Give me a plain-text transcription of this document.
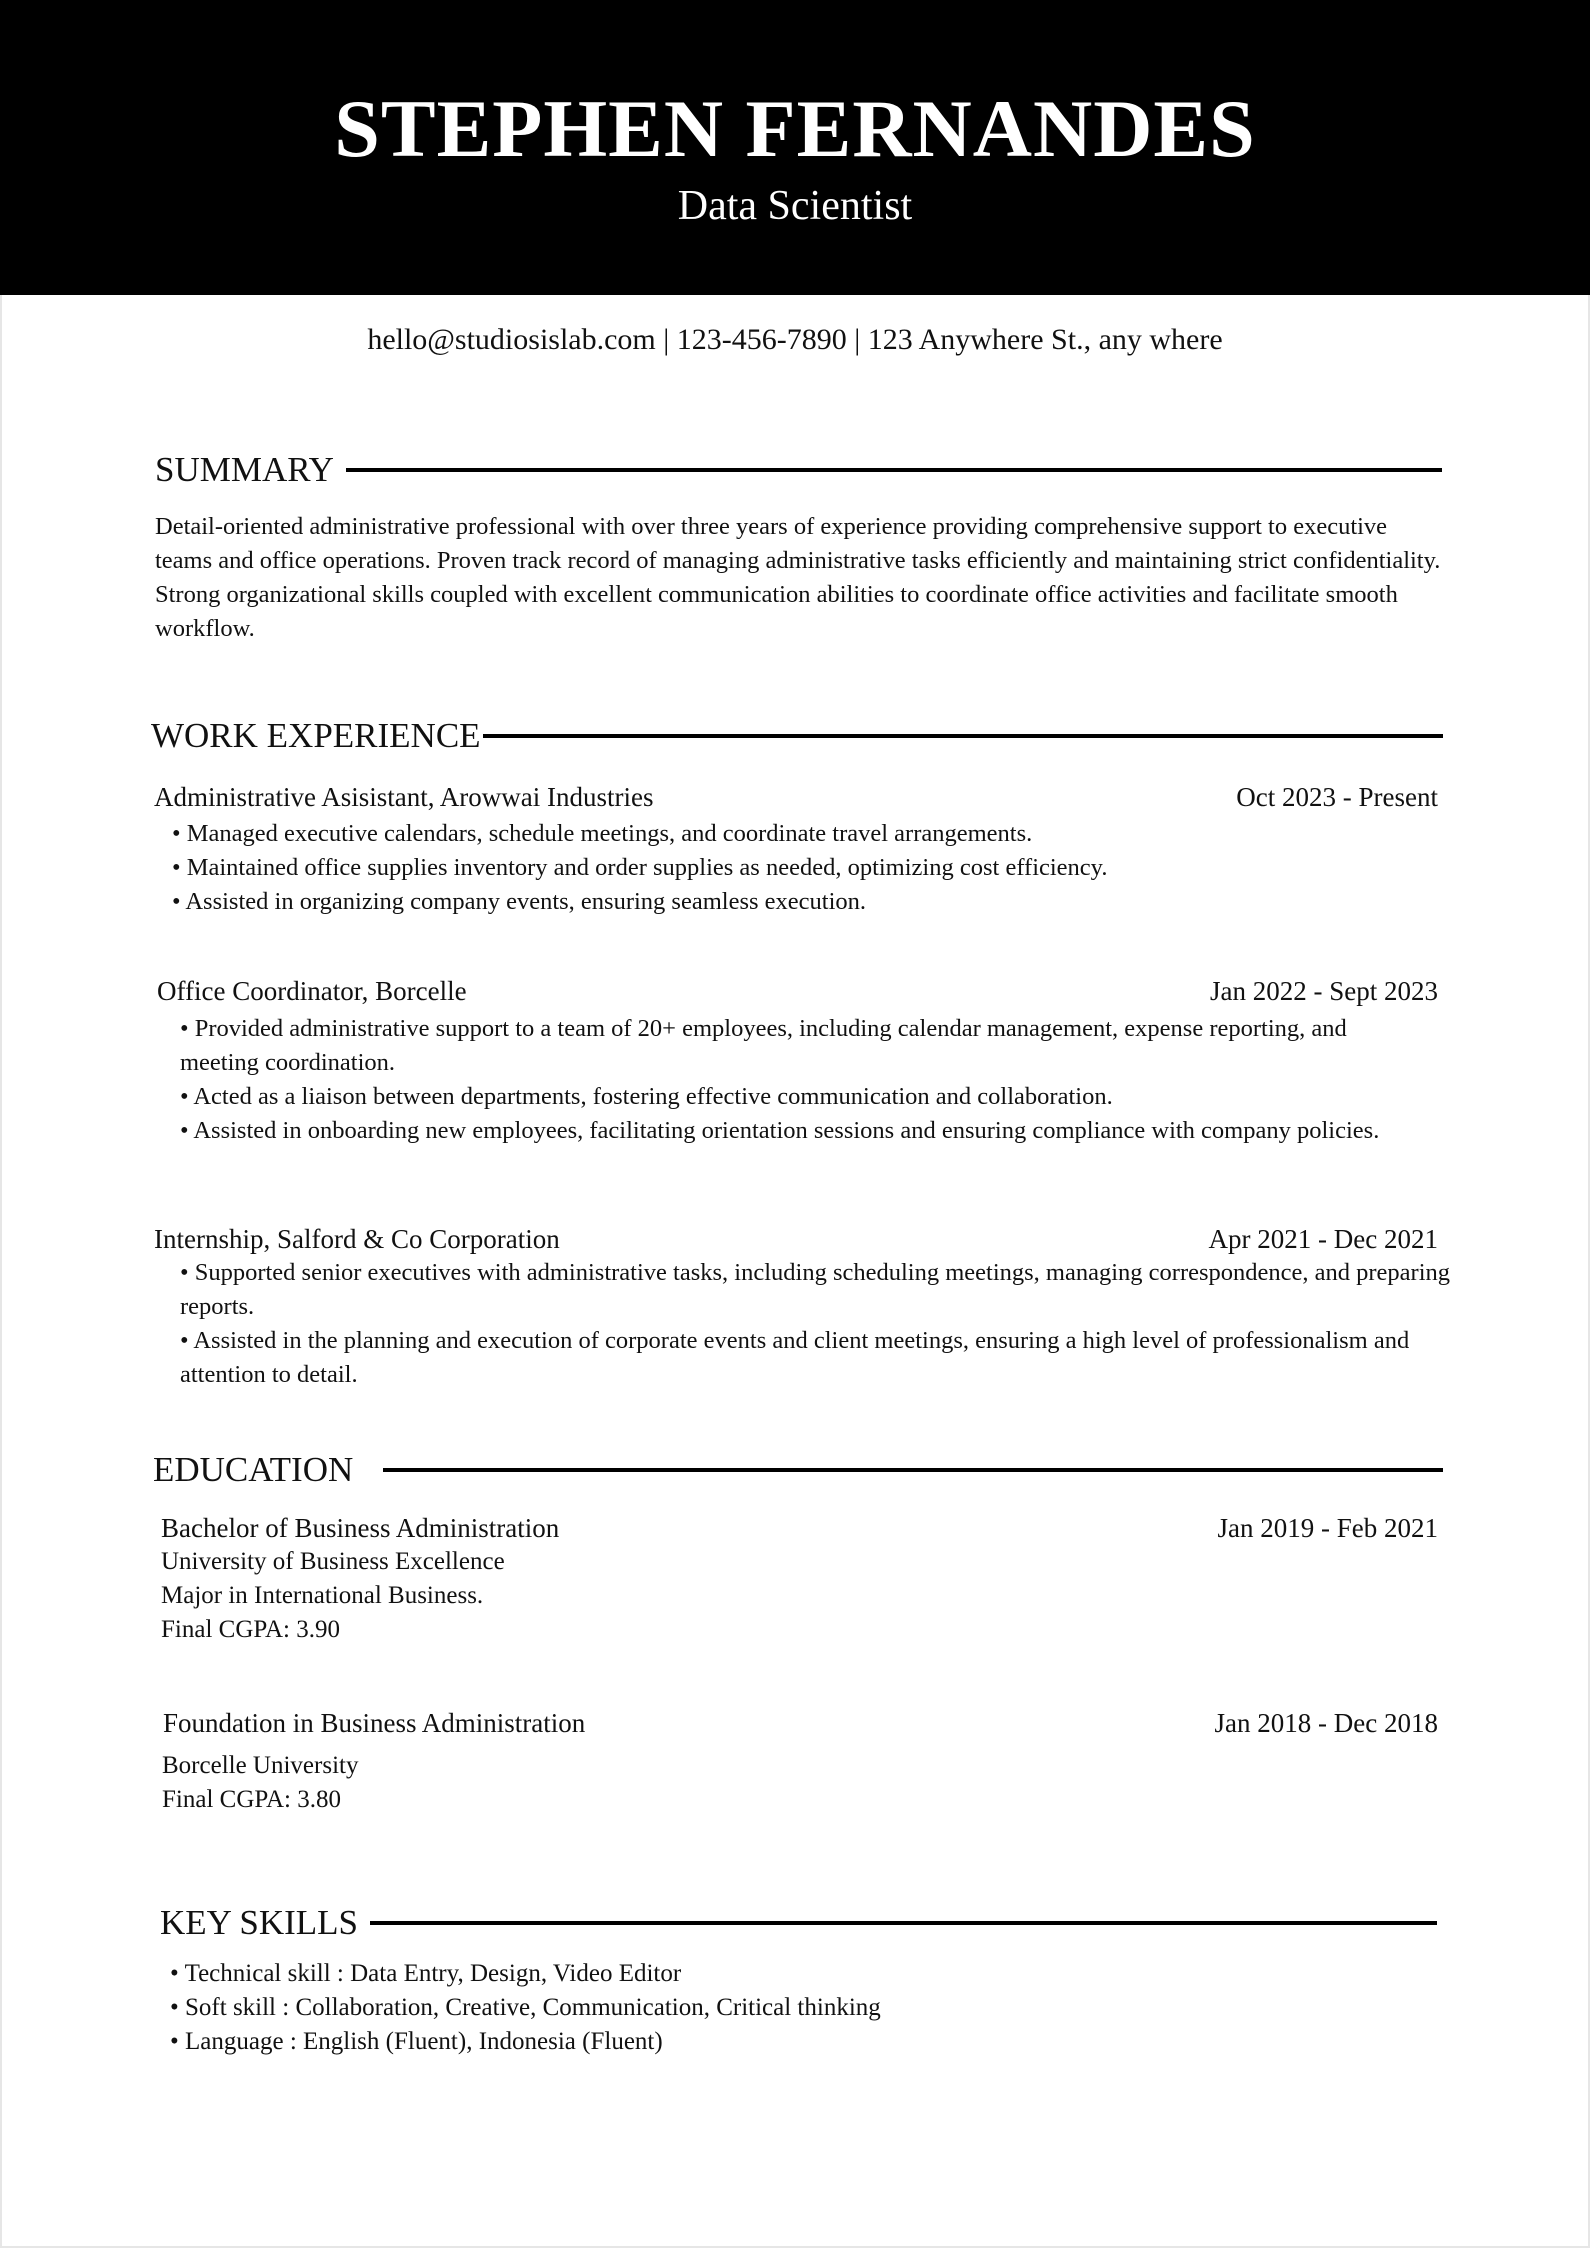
STEPHEN FERNANDES
Data Scientist
hello@studiosislab.com | 123-456-7890 | 123 Anywhere St., any where
SUMMARY
Detail-oriented administrative professional with over three years of experience providing comprehensive support to executive teams and office operations. Proven track record of managing administrative tasks efficiently and maintaining strict confidentiality. Strong organizational skills coupled with excellent communication abilities to coordinate office activities and facilitate smooth workflow.
WORK EXPERIENCE
Administrative Asisistant, Arowwai Industries	Oct 2023 - Present
• Managed executive calendars, schedule meetings, and coordinate travel arrangements.
• Maintained office supplies inventory and order supplies as needed, optimizing cost efficiency.
• Assisted in organizing company events, ensuring seamless execution.
Office Coordinator, Borcelle	Jan 2022 - Sept 2023
• Provided administrative support to a team of 20+ employees, including calendar management, expense reporting, and meeting coordination.
• Acted as a liaison between departments, fostering effective communication and collaboration.
• Assisted in onboarding new employees, facilitating orientation sessions and ensuring compliance with company policies.
Internship, Salford & Co Corporation	Apr 2021 - Dec 2021
• Supported senior executives with administrative tasks, including scheduling meetings, managing correspondence, and preparing reports.
• Assisted in the planning and execution of corporate events and client meetings, ensuring a high level of professionalism and attention to detail.
EDUCATION
Bachelor of Business Administration	Jan 2019 - Feb 2021
University of Business Excellence
Major in International Business.
Final CGPA: 3.90
Foundation in Business Administration	Jan 2018 - Dec 2018
Borcelle University
Final CGPA: 3.80
KEY SKILLS
• Technical skill : Data Entry, Design, Video Editor
• Soft skill : Collaboration, Creative, Communication, Critical thinking
• Language : English (Fluent), Indonesia (Fluent)
